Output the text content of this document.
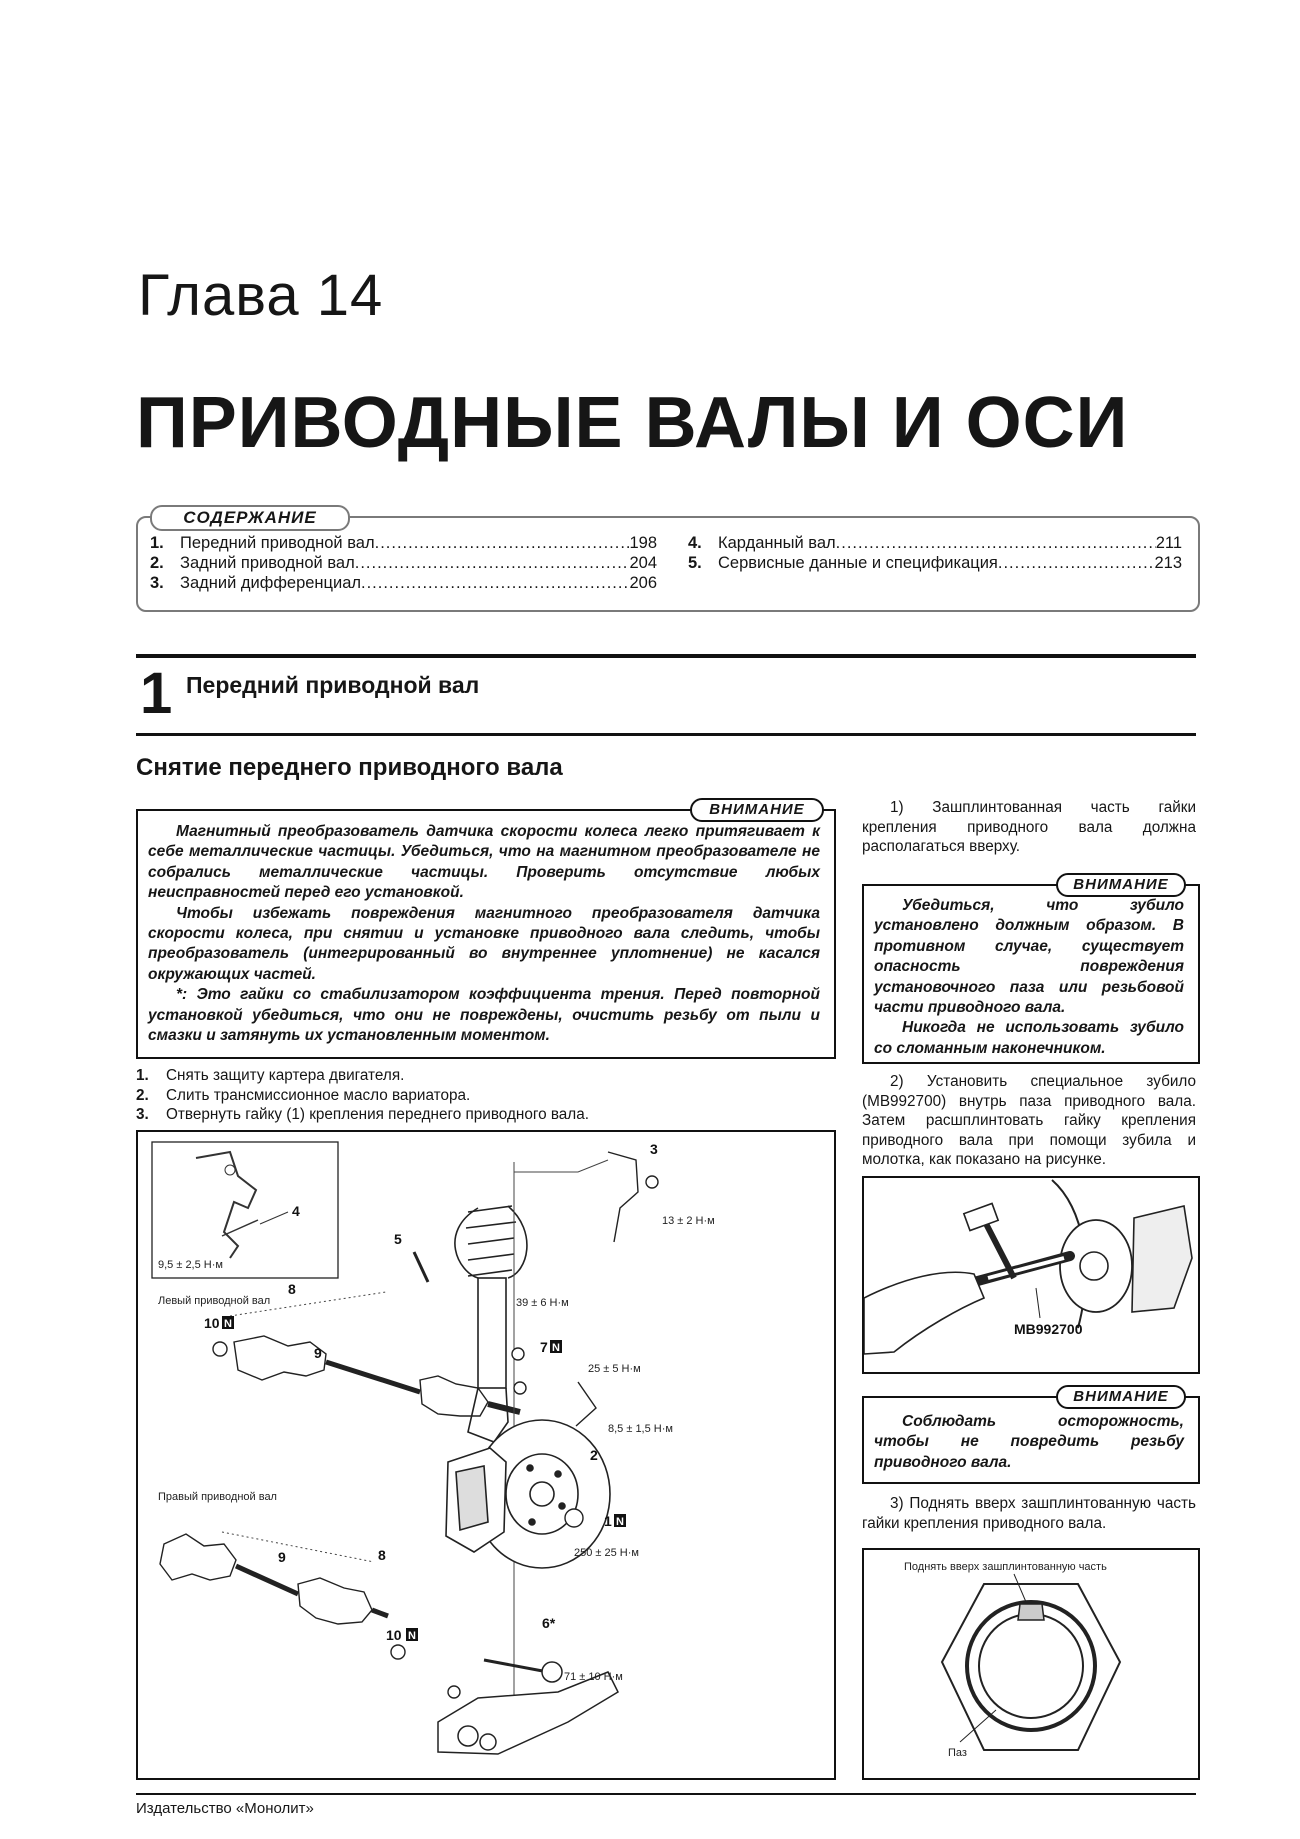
Глава 14
ПРИВОДНЫЕ ВАЛЫ И ОСИ
СОДЕРЖАНИЕ
1. Передний приводной вал .....	198
2. Задний приводной вал .....	204
3. Задний дифференциал .....	206
4. Карданный вал .....	211
5. Сервисные данные и спецификация .....	213
1 Передний приводной вал
Снятие переднего приводного вала
ВНИМАНИЕ

Магнитный преобразователь датчика скорости колеса легко притягивает к себе металлические частицы. Убедиться, что на магнитном преобразователе не собрались металлические частицы. Проверить отсутствие любых неисправностей перед его установкой.

Чтобы избежать повреждения магнитного преобразователя датчика скорости колеса, при снятии и установке приводного вала следить, чтобы преобразователь (интегрированный во внутреннее уплотнение) не касался окружающих частей.

*: Это гайки со стабилизатором коэффициента трения. Перед повторной установкой убедиться, что они не повреждены, очистить резьбу от пыли и смазки и затянуть их установленным моментом.

1.	Снять защиту картера двигателя.
2.	Слить трансмиссионное масло вариатора.
3.	Отвернуть гайку (1) крепления переднего приводного вала.
4
9,5 ± 2,5 Н·м
Левый приводной вал
8
9
10 N
Правый приводной вал
8
9
10 N
3
13 ± 2 Н·м
5
39 ± 6 Н·м
7 N
25 ± 5 Н·м
8,5 ± 1,5 Н·м
2
1 N
250 ± 25 Н·м
6*
71 ± 10 Н·м

1) Зашплинтованная часть гайки крепления приводного вала должна располагаться вверху.

ВНИМАНИЕ

Убедиться, что зубило установлено должным образом. В противном случае, существует опасность повреждения установочного паза или резьбовой части приводного вала.

Никогда не использовать зубило со сломанным наконечником.

2) Установить специальное зубило (MB992700) внутрь паза приводного вала. Затем расшплинтовать гайку крепления приводного вала при помощи зубила и молотка, как показано на рисунке.

MB992700
ВНИМАНИЕ

Соблюдать осторожность, чтобы не повредить резьбу приводного вала.

3) Поднять вверх зашплинтованную часть гайки крепления приводного вала.

Поднять вверх зашплинтованную часть
Паз
Издательство «Монолит»
